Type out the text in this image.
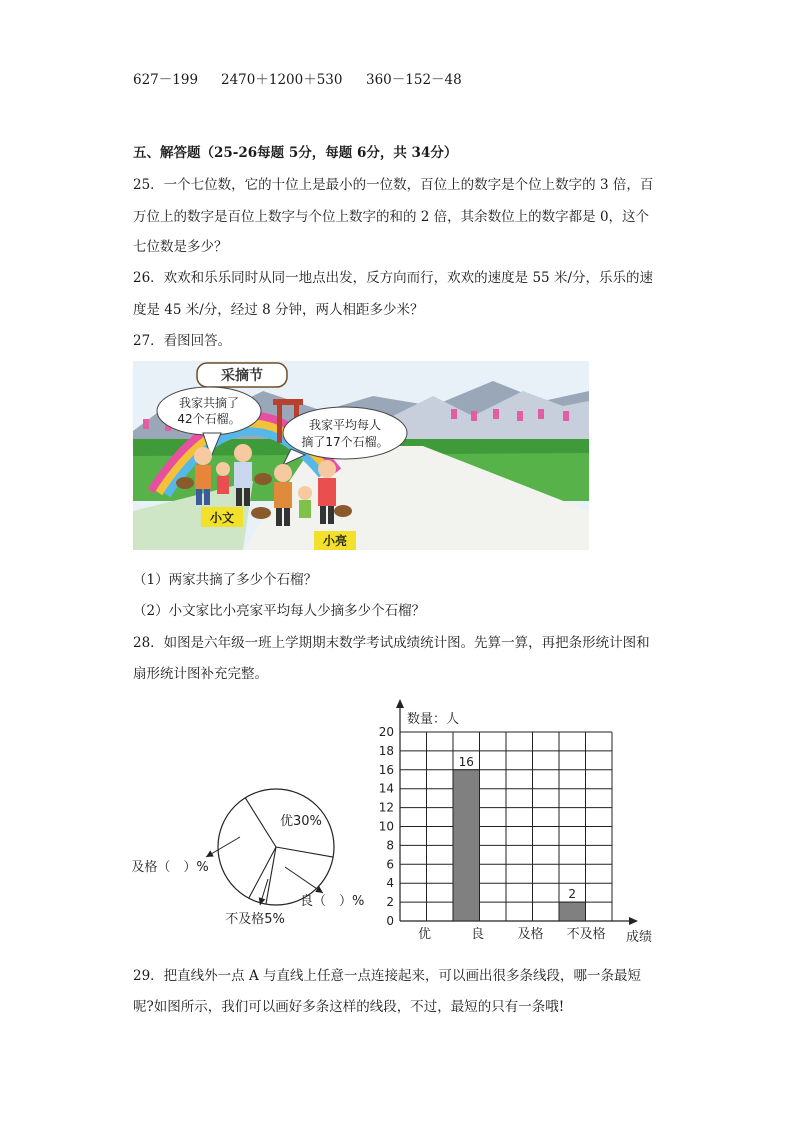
627－199 2470＋1200＋530 360－152－48
五、解答题（25-26每题 5分，每题 6分，共 34分）
25．一个七位数，它的十位上是最小的一位数，百位上的数字是个位上数字的 3 倍，百
万位上的数字是百位上数字与个位上数字的和的 2 倍，其余数位上的数字都是 0，这个
七位数是多少？
26．欢欢和乐乐同时从同一地点出发，反方向而行，欢欢的速度是 55 米/分，乐乐的速
度是 45 米/分，经过 8 分钟，两人相距多少米？
27．看图回答。
采摘节
我家共摘了
42个石榴。	我家平均每人
摘了17个石榴。
小文
小亮
（1）两家共摘了多少个石榴？
（2）小文家比小亮家平均每人少摘多少个石榴？
28．如图是六年级一班上学期期末数学考试成绩统计图。先算一算，再把条形统计图和
扇形统计图补充完整。
优30%
良（　）%
不及格5%
及格（　）%
0
2
4
6
8
10
12
14
16
18
20
数量：人
成绩
优	良	及格 不及格
16
2
29．把直线外一点 A 与直线上任意一点连接起来，可以画出很多条线段，哪一条最短
呢?如图所示，我们可以画好多条这样的线段，不过，最短的只有一条哦!
